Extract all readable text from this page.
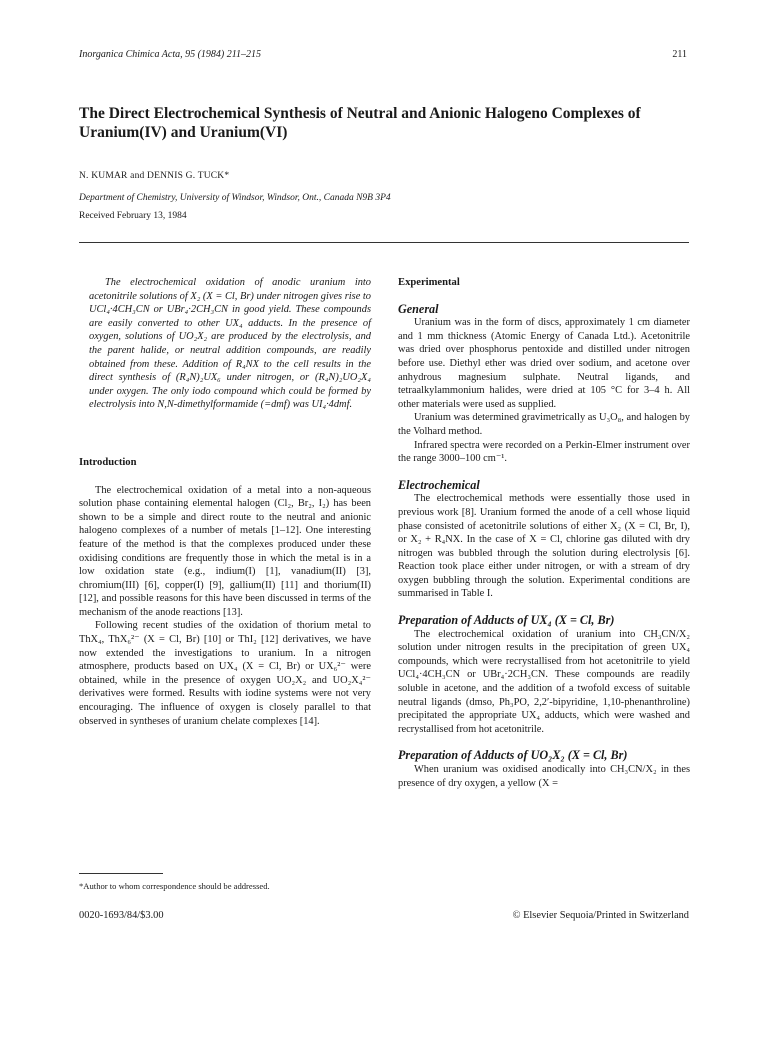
Inorganica Chimica Acta, 95 (1984) 211–215	211
The Direct Electrochemical Synthesis of Neutral and Anionic Halogeno Complexes of Uranium(IV) and Uranium(VI)
N. KUMAR and DENNIS G. TUCK*
Department of Chemistry, University of Windsor, Windsor, Ont., Canada N9B 3P4
Received February 13, 1984

The electrochemical oxidation of anodic uranium into acetonitrile solutions of X₂ (X = Cl, Br) under nitrogen gives rise to UCl₄·4CH₃CN or UBr₄·2CH₃CN in good yield. These compounds are easily converted to other UX₄ adducts. In the presence of oxygen, solutions of UO₂X₂ are produced by the electrolysis, and the parent halide, or neutral addition compounds, are readily obtained from these. Addition of R₄NX to the cell results in the direct synthesis of (R₄N)₂UX₆ under nitrogen, or (R₄N)₂UO₂X₄ under oxygen. The only iodo compound which could be formed by electrolysis into N,N-dimethylformamide (=dmf) was UI₄·4dmf.

Introduction

The electrochemical oxidation of a metal into a non-aqueous solution phase containing elemental halogen (Cl₂, Br₂, I₂) has been shown to be a simple and direct route to the neutral and anionic halogeno complexes of a number of metals [1–12]. One interesting feature of the method is that the complexes produced under these oxidising conditions are frequently those in which the metal is in a low oxidation state (e.g., indium(I) [1], vanadium(II) [3], chromium(III) [6], copper(I) [9], gallium(II) [11] and thorium(II) [12], and possible reasons for this have been discussed in terms of the mechanism of the anode reactions [13].

Following recent studies of the oxidation of thorium metal to ThX₄, ThX₆²⁻ (X = Cl, Br) [10] or ThI₂ [12] derivatives, we have now extended the investigations to uranium. In a nitrogen atmosphere, products based on UX₄ (X = Cl, Br) or UX₆²⁻ were obtained, while in the presence of oxygen UO₂X₂ and UO₂X₄²⁻ derivatives were formed. Results with iodine systems were not very encouraging. The influence of oxygen is closely parallel to that observed in syntheses of uranium chelate complexes [14].

Experimental
General

Uranium was in the form of discs, approximately 1 cm diameter and 1 mm thickness (Atomic Energy of Canada Ltd.). Acetonitrile was dried over phosphorus pentoxide and distilled under nitrogen before use. Diethyl ether was dried over sodium, and acetone over anhydrous magnesium sulphate. Neutral ligands, and tetraalkylammonium halides, were dried at 105 °C for 3–4 h. All other materials were used as supplied.

Uranium was determined gravimetrically as U₃O₈, and halogen by the Volhard method.

Infrared spectra were recorded on a Perkin-Elmer instrument over the range 3000–100 cm⁻¹.

Electrochemical

The electrochemical methods were essentially those used in previous work [8]. Uranium formed the anode of a cell whose liquid phase consisted of acetonitrile solutions of either X₂ (X = Cl, Br, I), or X₂ + R₄NX. In the case of X = Cl, chlorine gas diluted with dry nitrogen was bubbled through the solution during electrolysis [6]. Reaction took place either under nitrogen, or with a stream of dry oxygen bubbling through the solution. Experimental conditions are summarised in Table I.

Preparation of Adducts of UX₄ (X = Cl, Br)

The electrochemical oxidation of uranium into CH₃CN/X₂ solution under nitrogen results in the precipitation of green UX₄ compounds, which were recrystallised from hot acetonitrile to yield UCl₄·4CH₃CN or UBr₄·2CH₃CN. These compounds are readily soluble in acetone, and the addition of a twofold excess of suitable neutral ligands (dmso, Ph₃PO, 2,2′-bipyridine, 1,10-phenanthroline) precipitated the appropriate UX₄ adducts, which were washed and recrystallised from hot acetonitrile.

Preparation of Adducts of UO₂X₂ (X = Cl, Br)

When uranium was oxidised anodically into CH₃CN/X₂ in thes presence of dry oxygen, a yellow (X =

*Author to whom correspondence should be addressed.
0020-1693/84/$3.00	© Elsevier Sequoia/Printed in Switzerland
